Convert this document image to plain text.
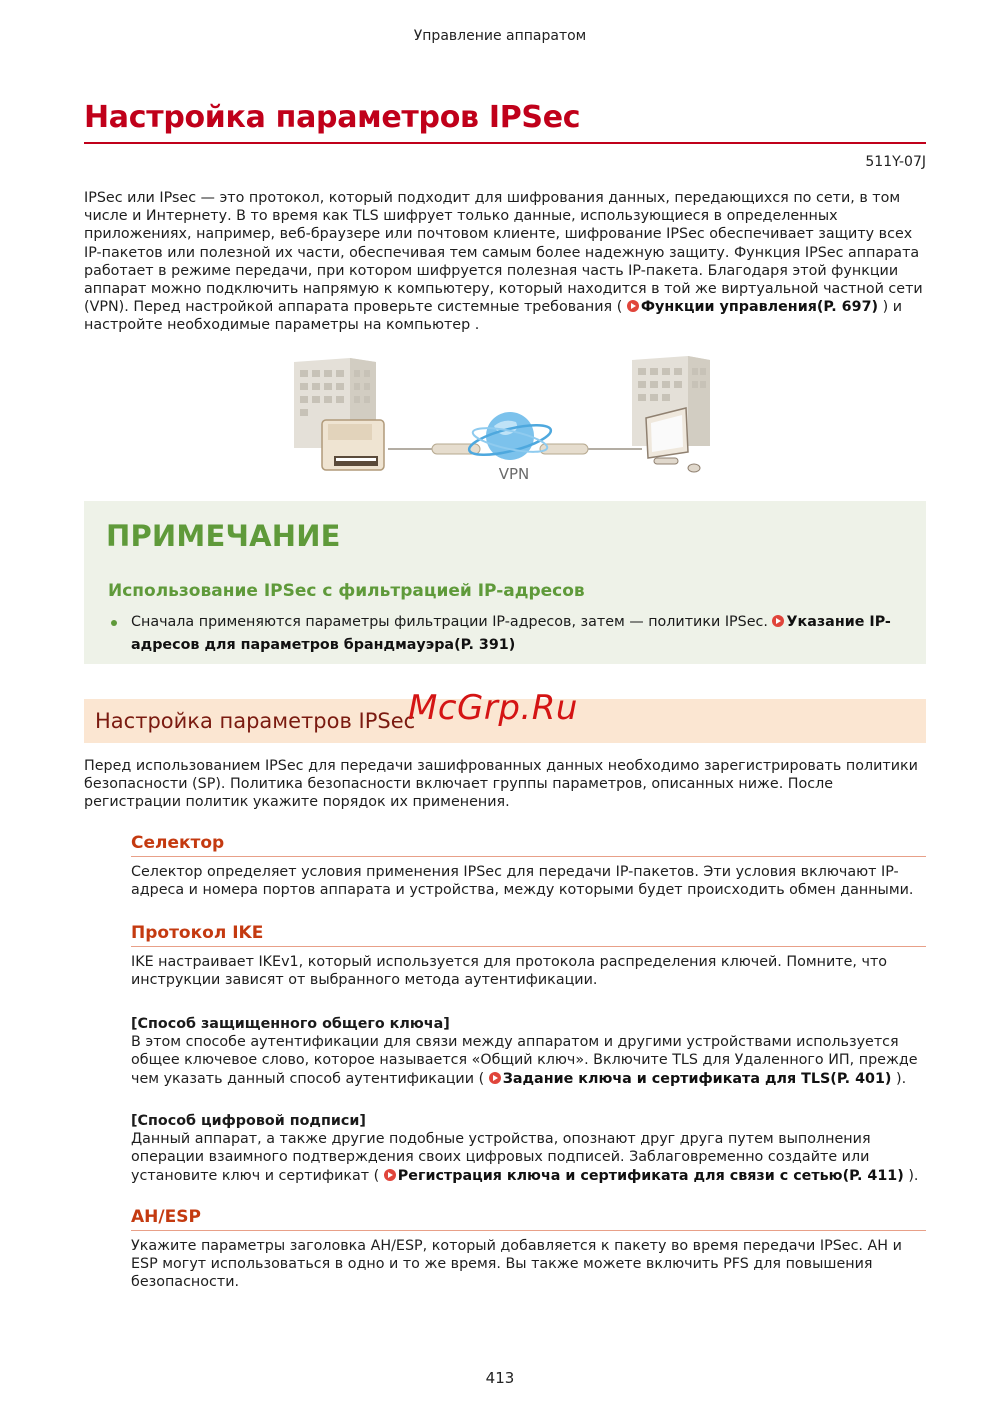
Управление аппаратом
Настройка параметров IPSec
511Y-07J

IPSec или IPsec — это протокол, который подходит для шифрования данных, передающихся по сети, в том числе и Интернету. В то время как TLS шифрует только данные, использующиеся в определенных приложениях, например, веб-браузере или почтовом клиенте, шифрование IPSec обеспечивает защиту всех IP-пакетов или полезной их части, обеспечивая тем самым более надежную защиту. Функция IPSec аппарата работает в режиме передачи, при котором шифруется полезная часть IP-пакета. Благодаря этой функции аппарат можно подключить напрямую к компьютеру, который находится в той же виртуальной частной сети (VPN). Перед настройкой аппарата проверьте системные требования ( Функции управления(P. 697) ) и настройте необходимые параметры на компьютер .

VPN
ПРИМЕЧАНИЕ
Использование IPSec с фильтрацией IP-адресов

Сначала применяются параметры фильтрации IP-адресов, затем — политики IPSec. Указание IP-адресов для параметров брандмауэра(P. 391)

Настройка параметров IPSec
McGrp.Ru

Перед использованием IPSec для передачи зашифрованных данных необходимо зарегистрировать политики безопасности (SP). Политика безопасности включает группы параметров, описанных ниже. После регистрации политик укажите порядок их применения.

Селектор

Селектор определяет условия применения IPSec для передачи IP-пакетов. Эти условия включают IP-адреса и номера портов аппарата и устройства, между которыми будет происходить обмен данными.

Протокол IKE

IKE настраивает IKEv1, который используется для протокола распределения ключей. Помните, что инструкции зависят от выбранного метода аутентификации.

[Способ защищенного общего ключа]

В этом способе аутентификации для связи между аппаратом и другими устройствами используется общее ключевое слово, которое называется «Общий ключ». Включите TLS для Удаленного ИП, прежде чем указать данный способ аутентификации ( Задание ключа и сертификата для TLS(P. 401) ).

[Способ цифровой подписи]

Данный аппарат, а также другие подобные устройства, опознают друг друга путем выполнения операции взаимного подтверждения своих цифровых подписей. Заблаговременно создайте или установите ключ и сертификат ( Регистрация ключа и сертификата для связи с сетью(P. 411) ).

AH/ESP

Укажите параметры заголовка AH/ESP, который добавляется к пакету во время передачи IPSec. AH и ESP могут использоваться в одно и то же время. Вы также можете включить PFS для повышения безопасности.

413
